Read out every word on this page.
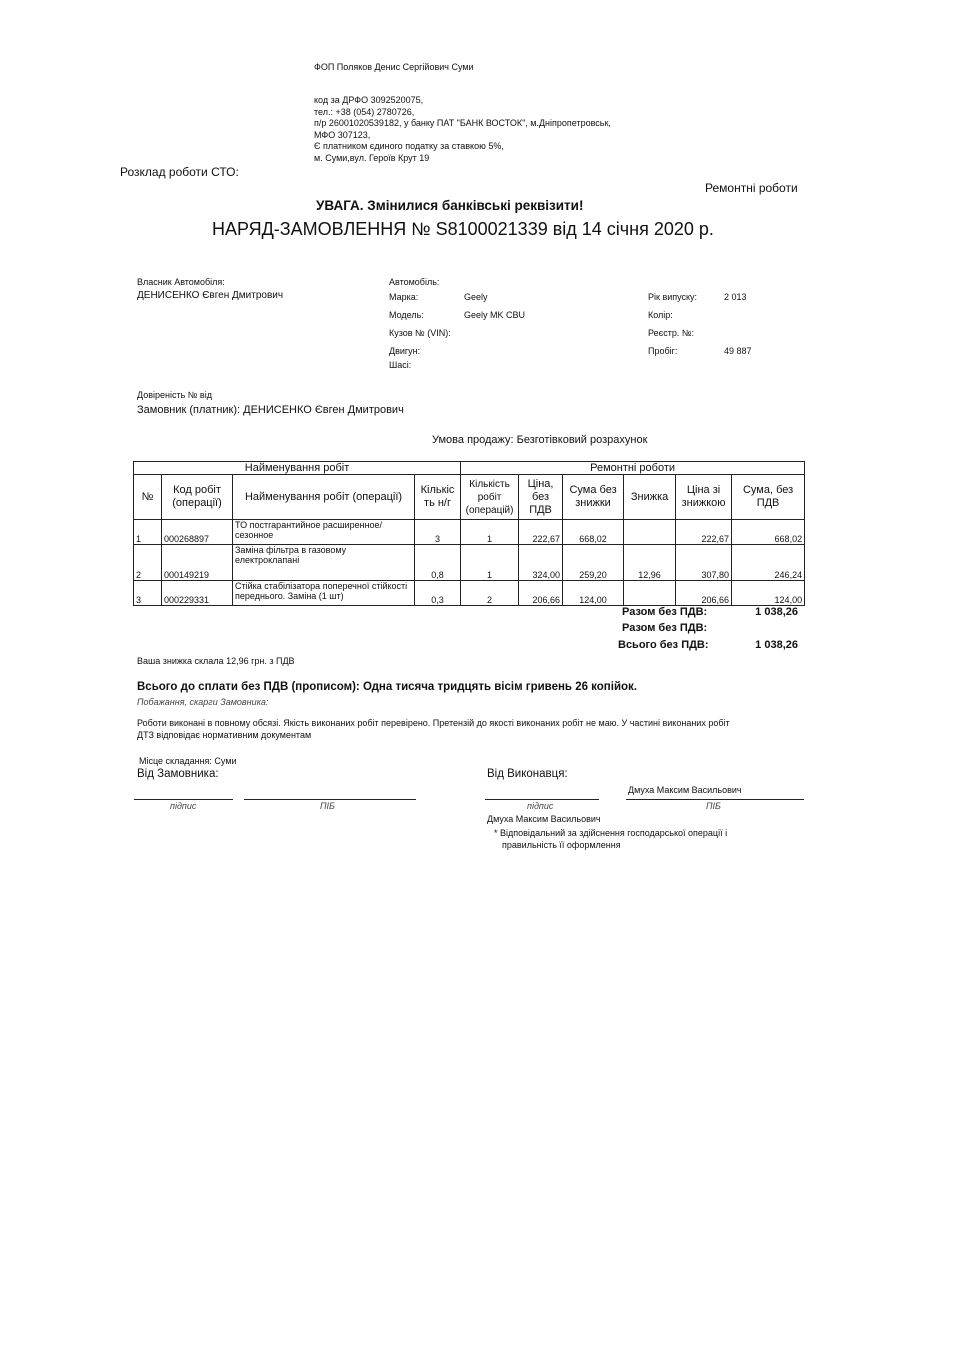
ФОП Поляков Денис Сергійович Суми
код за ДРФО 3092520075,
тел.: +38 (054) 2780726,
п/р 26001020539182, у банку ПАТ "БАНК ВОСТОК", м.Дніпропетровськ,
МФО 307123,
Є платником єдиного податку за ставкою 5%,
м. Суми,вул. Героїв Крут 19
Розклад роботи СТО:
Ремонтні роботи
УВАГА. Змінилися банківські реквізити!
НАРЯД-ЗАМОВЛЕННЯ № S8100021339 від 14 січня 2020 р.
Власник Автомобіля:
ДЕНИСЕНКО Євген Дмитрович
Автомобіль:
Марка:	Geely
Модель:	Geely MK CBU
Кузов № (VIN):
Двигун:
Шасі:
Рік випуску:	2 013
Колір:
Реєстр. №:
Пробіг:	49 887
Довіреність № від
Замовник (платник): ДЕНИСЕНКО Євген Дмитрович
Умова продажу: Безготівковий розрахунок
Найменування робіт				Ремонтні роботи					
№	Код робіт (операції)	Найменування робіт (операції)	Кількіс ть н/г	Кількість робіт (операцій)	Ціна, без ПДВ	Сума без знижки	Знижка	Ціна зі знижкою	Сума, без ПДВ
1	000268897	ТО постгарантийное расширенное/сезонное	3	1	222,67	668,02		222,67	668,02
2	000149219	Заміна фільтра в газовому електроклапані	0,8	1	324,00	259,20	12,96	307,80	246,24
3	000229331	Стійка стабілізатора поперечної стійкості переднього. Заміна (1 шт)	0,3	2	206,66	124,00		206,66	124,00
Разом без ПДВ:	1 038,26
Разом без ПДВ:
Всього без ПДВ:	1 038,26
Ваша знижка склала 12,96 грн. з ПДВ
Всього до сплати без ПДВ (прописом): Одна тисяча тридцять вісім гривень 26 копійок.
Побажання, скарги Замовника:
Роботи виконані в повному обсязі. Якість виконаних робіт перевірено. Претензій до якості виконаних робіт не маю. У частині виконаних робіт
ДТЗ відповідає нормативним документам
Місце складання: Суми
Від Замовника:	Від Виконавця:
Дмуха Максим Васильович
підпис	ПІБ	підпис	ПІБ
Дмуха Максим Васильович
* Відповідальний за здійснення господарської операції і
правильність її оформлення
